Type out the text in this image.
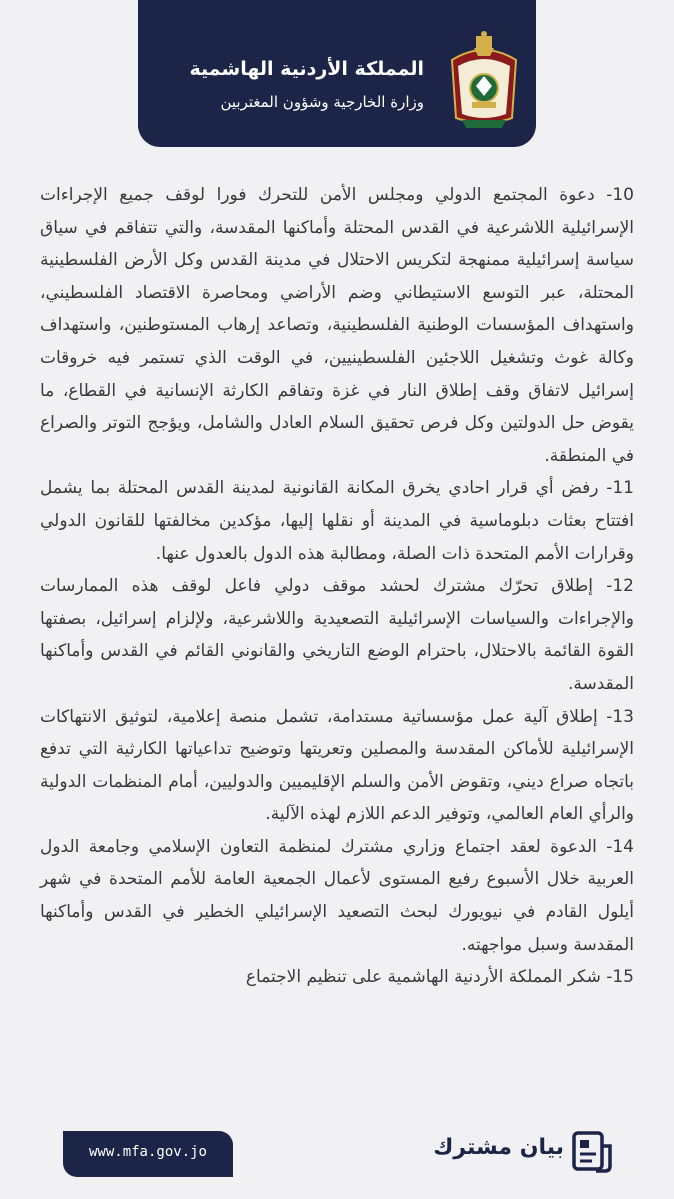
المملكة الأردنية الهاشمية
وزارة الخارجية وشؤون المغتربين

10- دعوة المجتمع الدولي ومجلس الأمن للتحرك فورا لوقف جميع الإجراءات الإسرائيلية اللاشرعية في القدس المحتلة وأماكنها المقدسة، والتي تتفاقم في سياق سياسة إسرائيلية ممنهجة لتكريس الاحتلال في مدينة القدس وكل الأرض الفلسطينية المحتلة، عبر التوسع الاستيطاني وضم الأراضي ومحاصرة الاقتصاد الفلسطيني، واستهداف المؤسسات الوطنية الفلسطينية، وتصاعد إرهاب المستوطنين، واستهداف وكالة غوث وتشغيل اللاجئين الفلسطينيين، في الوقت الذي تستمر فيه خروقات إسرائيل لاتفاق وقف إطلاق النار في غزة وتفاقم الكارثة الإنسانية في القطاع، ما يقوض حل الدولتين وكل فرص تحقيق السلام العادل والشامل، ويؤجج التوتر والصراع في المنطقة.

11- رفض أي قرار احادي يخرق المكانة القانونية لمدينة القدس المحتلة بما يشمل افتتاح بعثات دبلوماسية في المدينة أو نقلها إليها، مؤكدين مخالفتها للقانون الدولي وقرارات الأمم المتحدة ذات الصلة، ومطالبة هذه الدول بالعدول عنها.

12- إطلاق تحرّك مشترك لحشد موقف دولي فاعل لوقف هذه الممارسات والإجراءات والسياسات الإسرائيلية التصعيدية واللاشرعية، ولإلزام إسرائيل، بصفتها القوة القائمة بالاحتلال، باحترام الوضع التاريخي والقانوني القائم في القدس وأماكنها المقدسة.

13- إطلاق آلية عمل مؤسساتية مستدامة، تشمل منصة إعلامية، لتوثيق الانتهاكات الإسرائيلية للأماكن المقدسة والمصلين وتعريتها وتوضيح تداعياتها الكارثية التي تدفع باتجاه صراع ديني، وتقوض الأمن والسلم الإقليميين والدوليين، أمام المنظمات الدولية والرأي العام العالمي، وتوفير الدعم اللازم لهذه الآلية.

14- الدعوة لعقد اجتماع وزاري مشترك لمنظمة التعاون الإسلامي وجامعة الدول العربية خلال الأسبوع رفيع المستوى لأعمال الجمعية العامة للأمم المتحدة في شهر أيلول القادم في نيويورك لبحث التصعيد الإسرائيلي الخطير في القدس وأماكنها المقدسة وسبل مواجهته.

15- شكر المملكة الأردنية الهاشمية على تنظيم الاجتماع

www.mfa.gov.jo	بيان مشترك
